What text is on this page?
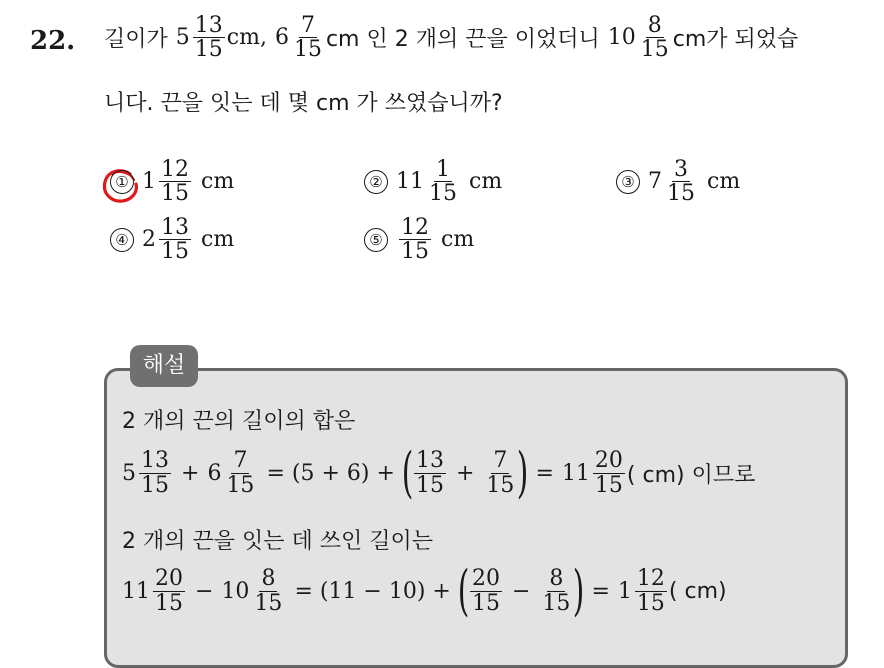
22. 길이가 $5 \frac{13}{15}$ cm, $6 \frac{7}{15}$ cm 인 2 개의 끈을 이었더니 $10 \frac{8}{15}$ cm가 되었습
니다. 끈을 잇는 데 몇 cm 가 쓰였습니까?
① $1 \frac{12}{15}$ cm	② $11 \frac{1}{15}$ cm	③ $7 \frac{3}{15}$ cm
④ $2 \frac{13}{15}$ cm	⑤ $\frac{12}{15}$ cm
해설
2 개의 끈의 길이의 합은
$5 \frac{13}{15} + 6 \frac{7}{15} = (5 + 6)$ + ( $\frac{13}{15} + \frac{7}{15}$ ) = $11 \frac{20}{15}$ ( cm) 이므로
2 개의 끈을 잇는 데 쓰인 길이는
$11 \frac{20}{15} - 10 \frac{8}{15} = (11 - 10)$ + ( $\frac{20}{15} - \frac{8}{15}$ ) = $1 \frac{12}{15}$ ( cm)
